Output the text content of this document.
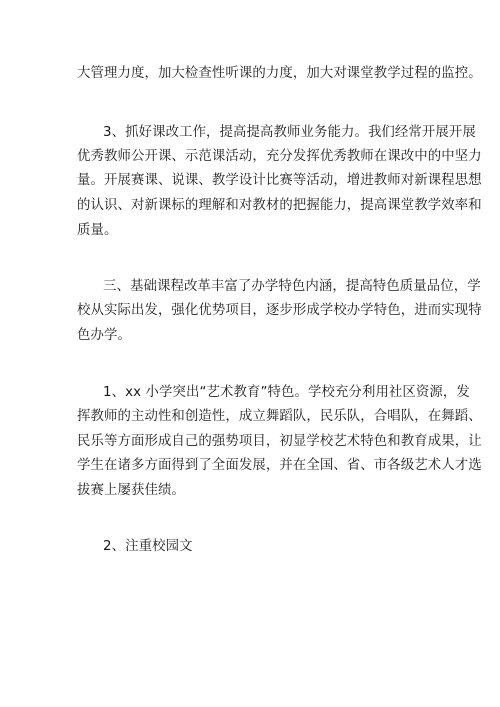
大管理力度，加大检查性听课的力度，加大对课堂教学过程的监控。
3、抓好课改工作，提高提高教师业务能力。我们经常开展开展
优秀教师公开课、示范课活动，充分发挥优秀教师在课改中的中坚力
量。开展赛课、说课、教学设计比赛等活动，增进教师对新课程思想
的认识、对新课标的理解和对教材的把握能力，提高课堂教学效率和
质量。
三、基础课程改革丰富了办学特色内涵，提高特色质量品位，学
校从实际出发，强化优势项目，逐步形成学校办学特色，进而实现特
色办学。
1、xx 小学突出“艺术教育”特色。学校充分利用社区资源，发
挥教师的主动性和创造性，成立舞蹈队，民乐队，合唱队，在舞蹈、
民乐等方面形成自己的强势项目，初显学校艺术特色和教育成果，让
学生在诸多方面得到了全面发展，并在全国、省、市各级艺术人才选
拔赛上屡获佳绩。
2、注重校园文
